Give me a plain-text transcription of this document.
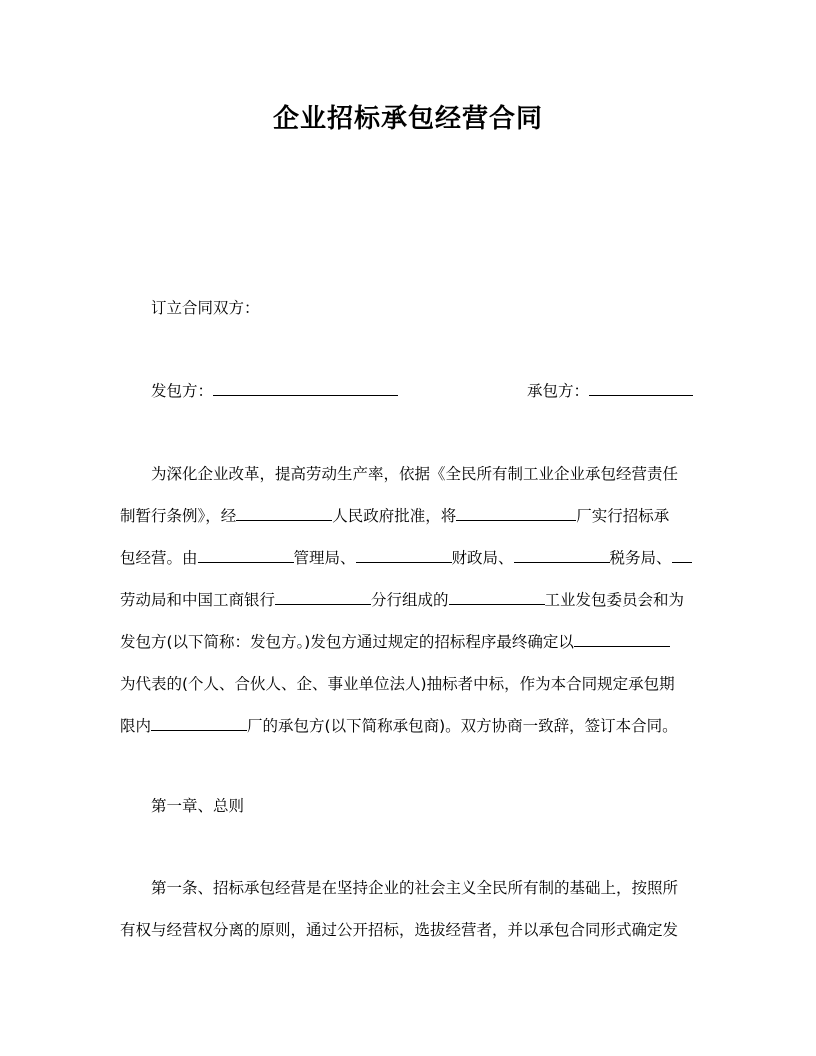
企业招标承包经营合同
订立合同双方：
发包方：	承包方：
为深化企业改革，提高劳动生产率，依据《全民所有制工业企业承包经营责任
制暂行条例》，经	人民政府批准，将	厂实行招标承
包经营。由	管理局、	财政局、	税务局、
劳动局和中国工商银行	分行组成的	工业发包委员会和为
发包方(以下简称：发包方。)发包方通过规定的招标程序最终确定以
为代表的(个人、合伙人、企、事业单位法人)抽标者中标，作为本合同规定承包期
限内	厂的承包方(以下简称承包商)。双方协商一致辞，签订本合同。
第一章、总则
第一条、招标承包经营是在坚持企业的社会主义全民所有制的基础上，按照所
有权与经营权分离的原则，通过公开招标，选拔经营者，并以承包合同形式确定发
